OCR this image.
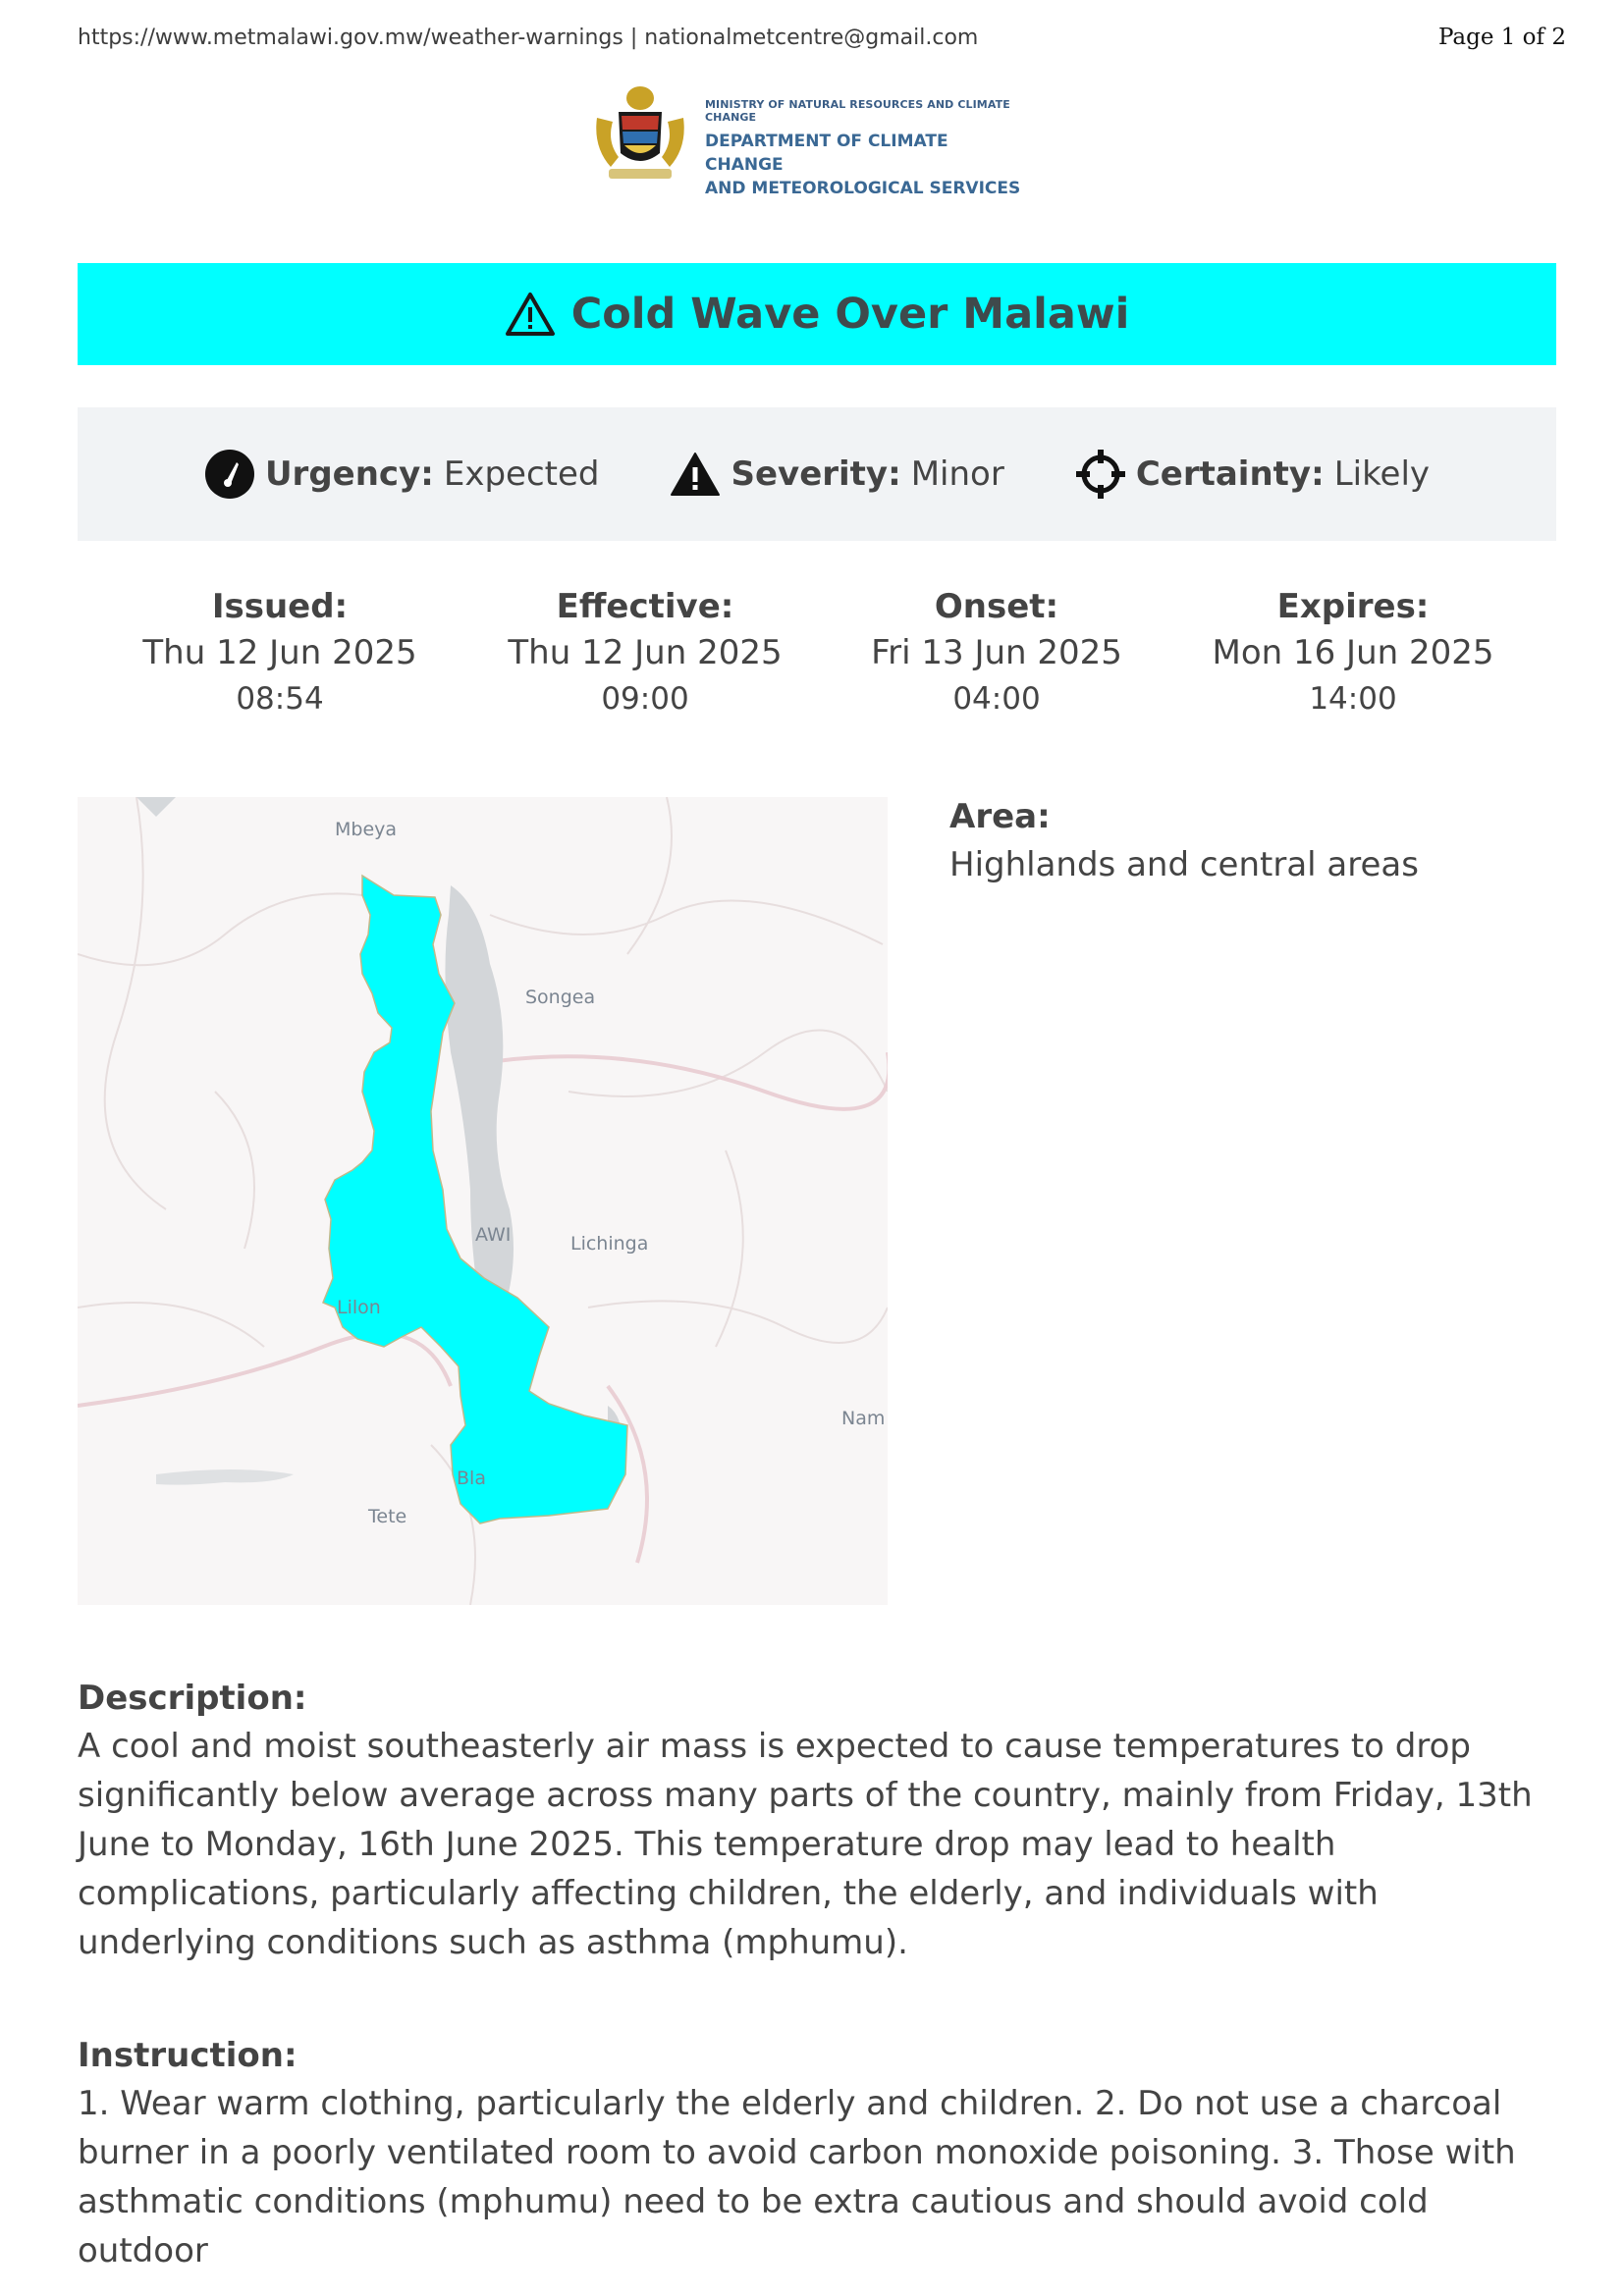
https://www.metmalawi.gov.mw/weather-warnings | nationalmetcentre@gmail.com	Page 1 of 2
MINISTRY OF NATURAL RESOURCES AND CLIMATE CHANGE
DEPARTMENT OF CLIMATE CHANGE
AND METEOROLOGICAL SERVICES
Cold Wave Over Malawi
Urgency: Expected	Severity: Minor	Certainty: Likely
Issued:
Thu 12 Jun 2025
08:54
Effective:
Thu 12 Jun 2025
09:00
Onset:
Fri 13 Jun 2025
04:00
Expires:
Mon 16 Jun 2025
14:00
Mbeya
Songea
Lichinga
Lilon
Nam
Bla
Tete
AWI
Area:
Highlands and central areas
Description:
A cool and moist southeasterly air mass is expected to cause temperatures to drop significantly below average across many parts of the country, mainly from Friday, 13th June to Monday, 16th June 2025. This temperature drop may lead to health complications, particularly affecting children, the elderly, and individuals with underlying conditions such as asthma (mphumu).
Instruction:
1. Wear warm clothing, particularly the elderly and children. 2. Do not use a charcoal burner in a poorly ventilated room to avoid carbon monoxide poisoning. 3. Those with asthmatic conditions (mphumu) need to be extra cautious and should avoid cold outdoor
